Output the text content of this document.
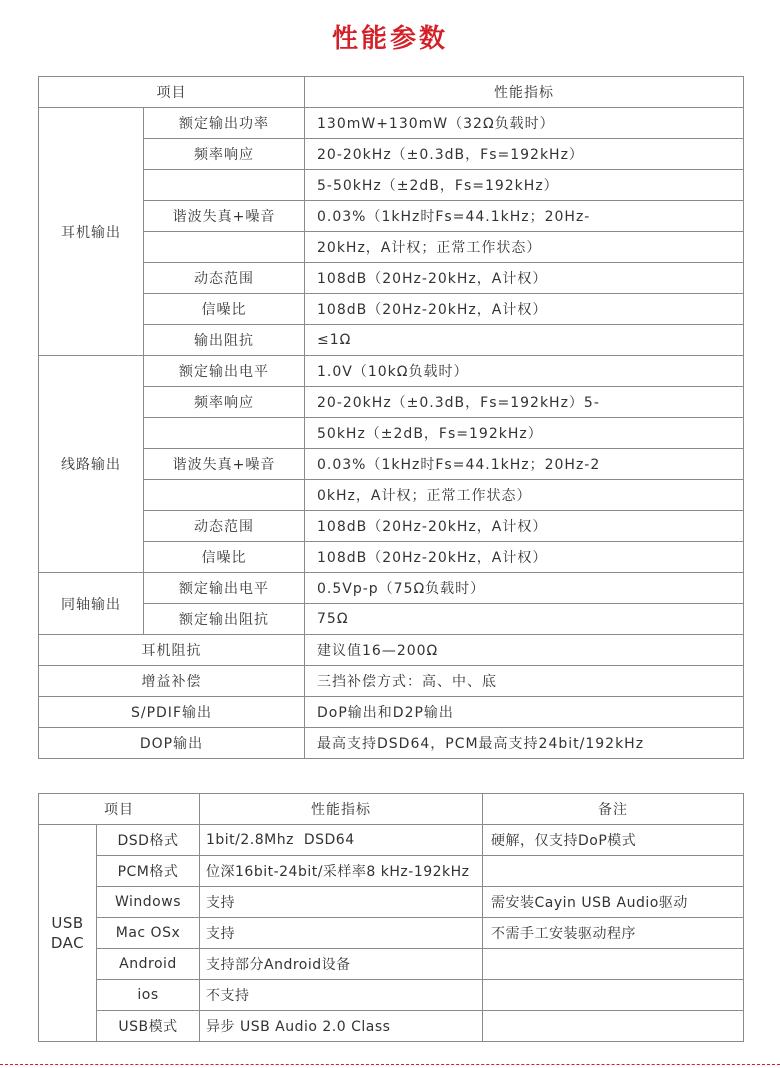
性能参数
项目		性能指标
耳机输出	额定输出功率	130mW+130mW（32Ω负载时）
	频率响应	20-20kHz（±0.3dB，Fs=192kHz）
		5-50kHz（±2dB，Fs=192kHz）
	谐波失真+噪音	0.03%（1kHz时Fs=44.1kHz；20Hz-
		20kHz，A计权；正常工作状态）
	动态范围	108dB（20Hz-20kHz，A计权）
	信噪比	108dB（20Hz-20kHz，A计权）
	输出阻抗	≤1Ω
线路输出	额定输出电平	1.0V（10kΩ负载时）
	频率响应	20-20kHz（±0.3dB，Fs=192kHz）5-
		50kHz（±2dB，Fs=192kHz）
	谐波失真+噪音	0.03%（1kHz时Fs=44.1kHz；20Hz-2
		0kHz，A计权；正常工作状态）
	动态范围	108dB（20Hz-20kHz，A计权）
	信噪比	108dB（20Hz-20kHz，A计权）
同轴输出	额定输出电平	0.5Vp-p（75Ω负载时）
	额定输出阻抗	75Ω
耳机阻抗		建议值16—200Ω
增益补偿		三挡补偿方式：高、中、底
S/PDIF输出		DoP输出和D2P输出
DOP输出		最高支持DSD64，PCM最高支持24bit/192kHz
项目		性能指标	备注
USB DAC	DSD格式	1bit/2.8Mhz  DSD64	硬解，仅支持DoP模式
	PCM格式	位深16bit-24bit/采样率8 kHz-192kHz	
	Windows	支持	需安装Cayin USB Audio驱动
	Mac OSx	支持	不需手工安装驱动程序
	Android	支持部分Android设备	
	ios	不支持	
	USB模式	异步 USB Audio 2.0 Class	
